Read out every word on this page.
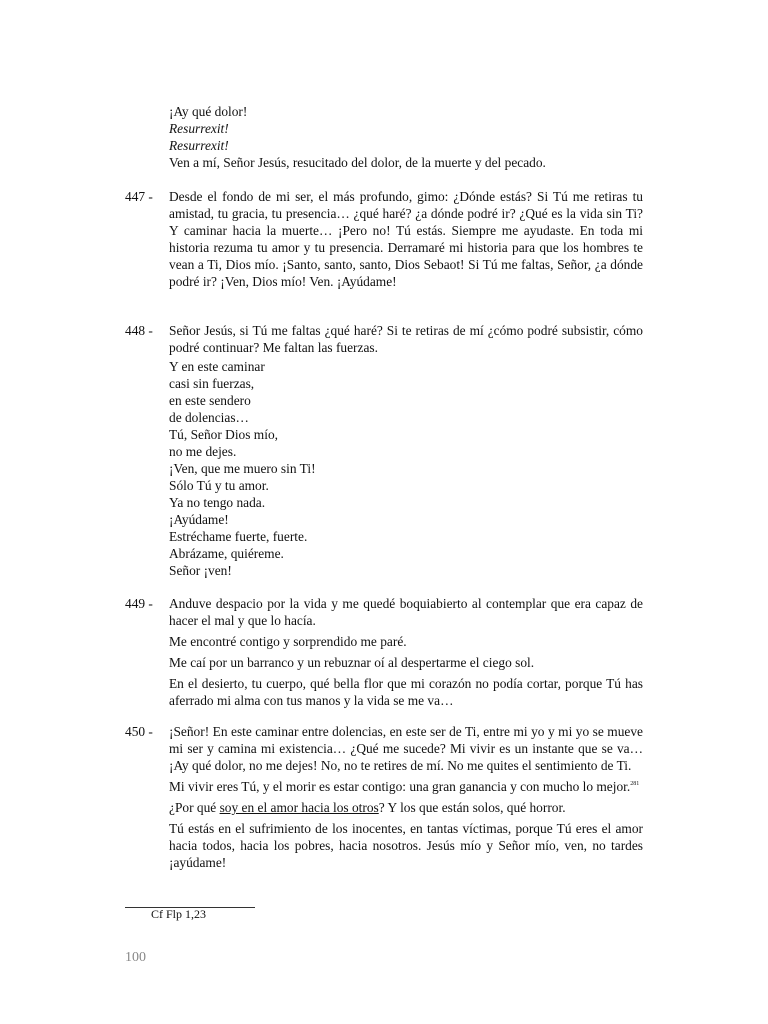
¡Ay qué dolor!
Resurrexit!
Resurrexit!
Ven a mí, Señor Jesús, resucitado del dolor, de la muerte y del pecado.
447 - Desde el fondo de mi ser, el más profundo, gimo: ¿Dónde estás? Si Tú me retiras tu amistad, tu gracia, tu presencia… ¿qué haré? ¿a dónde podré ir? ¿Qué es la vida sin Ti? Y caminar hacia la muerte… ¡Pero no! Tú estás. Siempre me ayudaste. En toda mi historia rezuma tu amor y tu presencia. Derramaré mi historia para que los hombres te vean a Ti, Dios mío. ¡Santo, santo, santo, Dios Sebaot! Si Tú me faltas, Señor, ¿a dónde podré ir? ¡Ven, Dios mío! Ven. ¡Ayúdame!
448 - Señor Jesús, si Tú me faltas ¿qué haré? Si te retiras de mí ¿cómo podré subsistir, cómo podré continuar? Me faltan las fuerzas.
Y en este caminar
casi sin fuerzas,
en este sendero
de dolencias…
Tú, Señor Dios mío,
no me dejes.
¡Ven, que me muero sin Ti!
Sólo Tú y tu amor.
Ya no tengo nada.
¡Ayúdame!
Estréchame fuerte, fuerte.
Abrázame, quiéreme.
Señor ¡ven!
449 - Anduve despacio por la vida y me quedé boquiabierto al contemplar que era capaz de hacer el mal y que lo hacía.
Me encontré contigo y sorprendido me paré.
Me caí por un barranco y un rebuznar oí al despertarme el ciego sol.
En el desierto, tu cuerpo, qué bella flor que mi corazón no podía cortar, porque Tú has aferrado mi alma con tus manos y la vida se me va…
450 - ¡Señor! En este caminar entre dolencias, en este ser de Ti, entre mi yo y mi yo se mueve mi ser y camina mi existencia… ¿Qué me sucede? Mi vivir es un instante que se va… ¡Ay qué dolor, no me dejes! No, no te retires de mí. No me quites el sentimiento de Ti.
Mi vivir eres Tú, y el morir es estar contigo: una gran ganancia y con mucho lo mejor.$^{281}$
¿Por qué soy en el amor hacia los otros? Y los que están solos, qué horror.
Tú estás en el sufrimiento de los inocentes, en tantas víctimas, porque Tú eres el amor hacia todos, hacia los pobres, hacia nosotros. Jesús mío y Señor mío, ven, no tardes ¡ayúdame!
Cf Flp 1,23
100
